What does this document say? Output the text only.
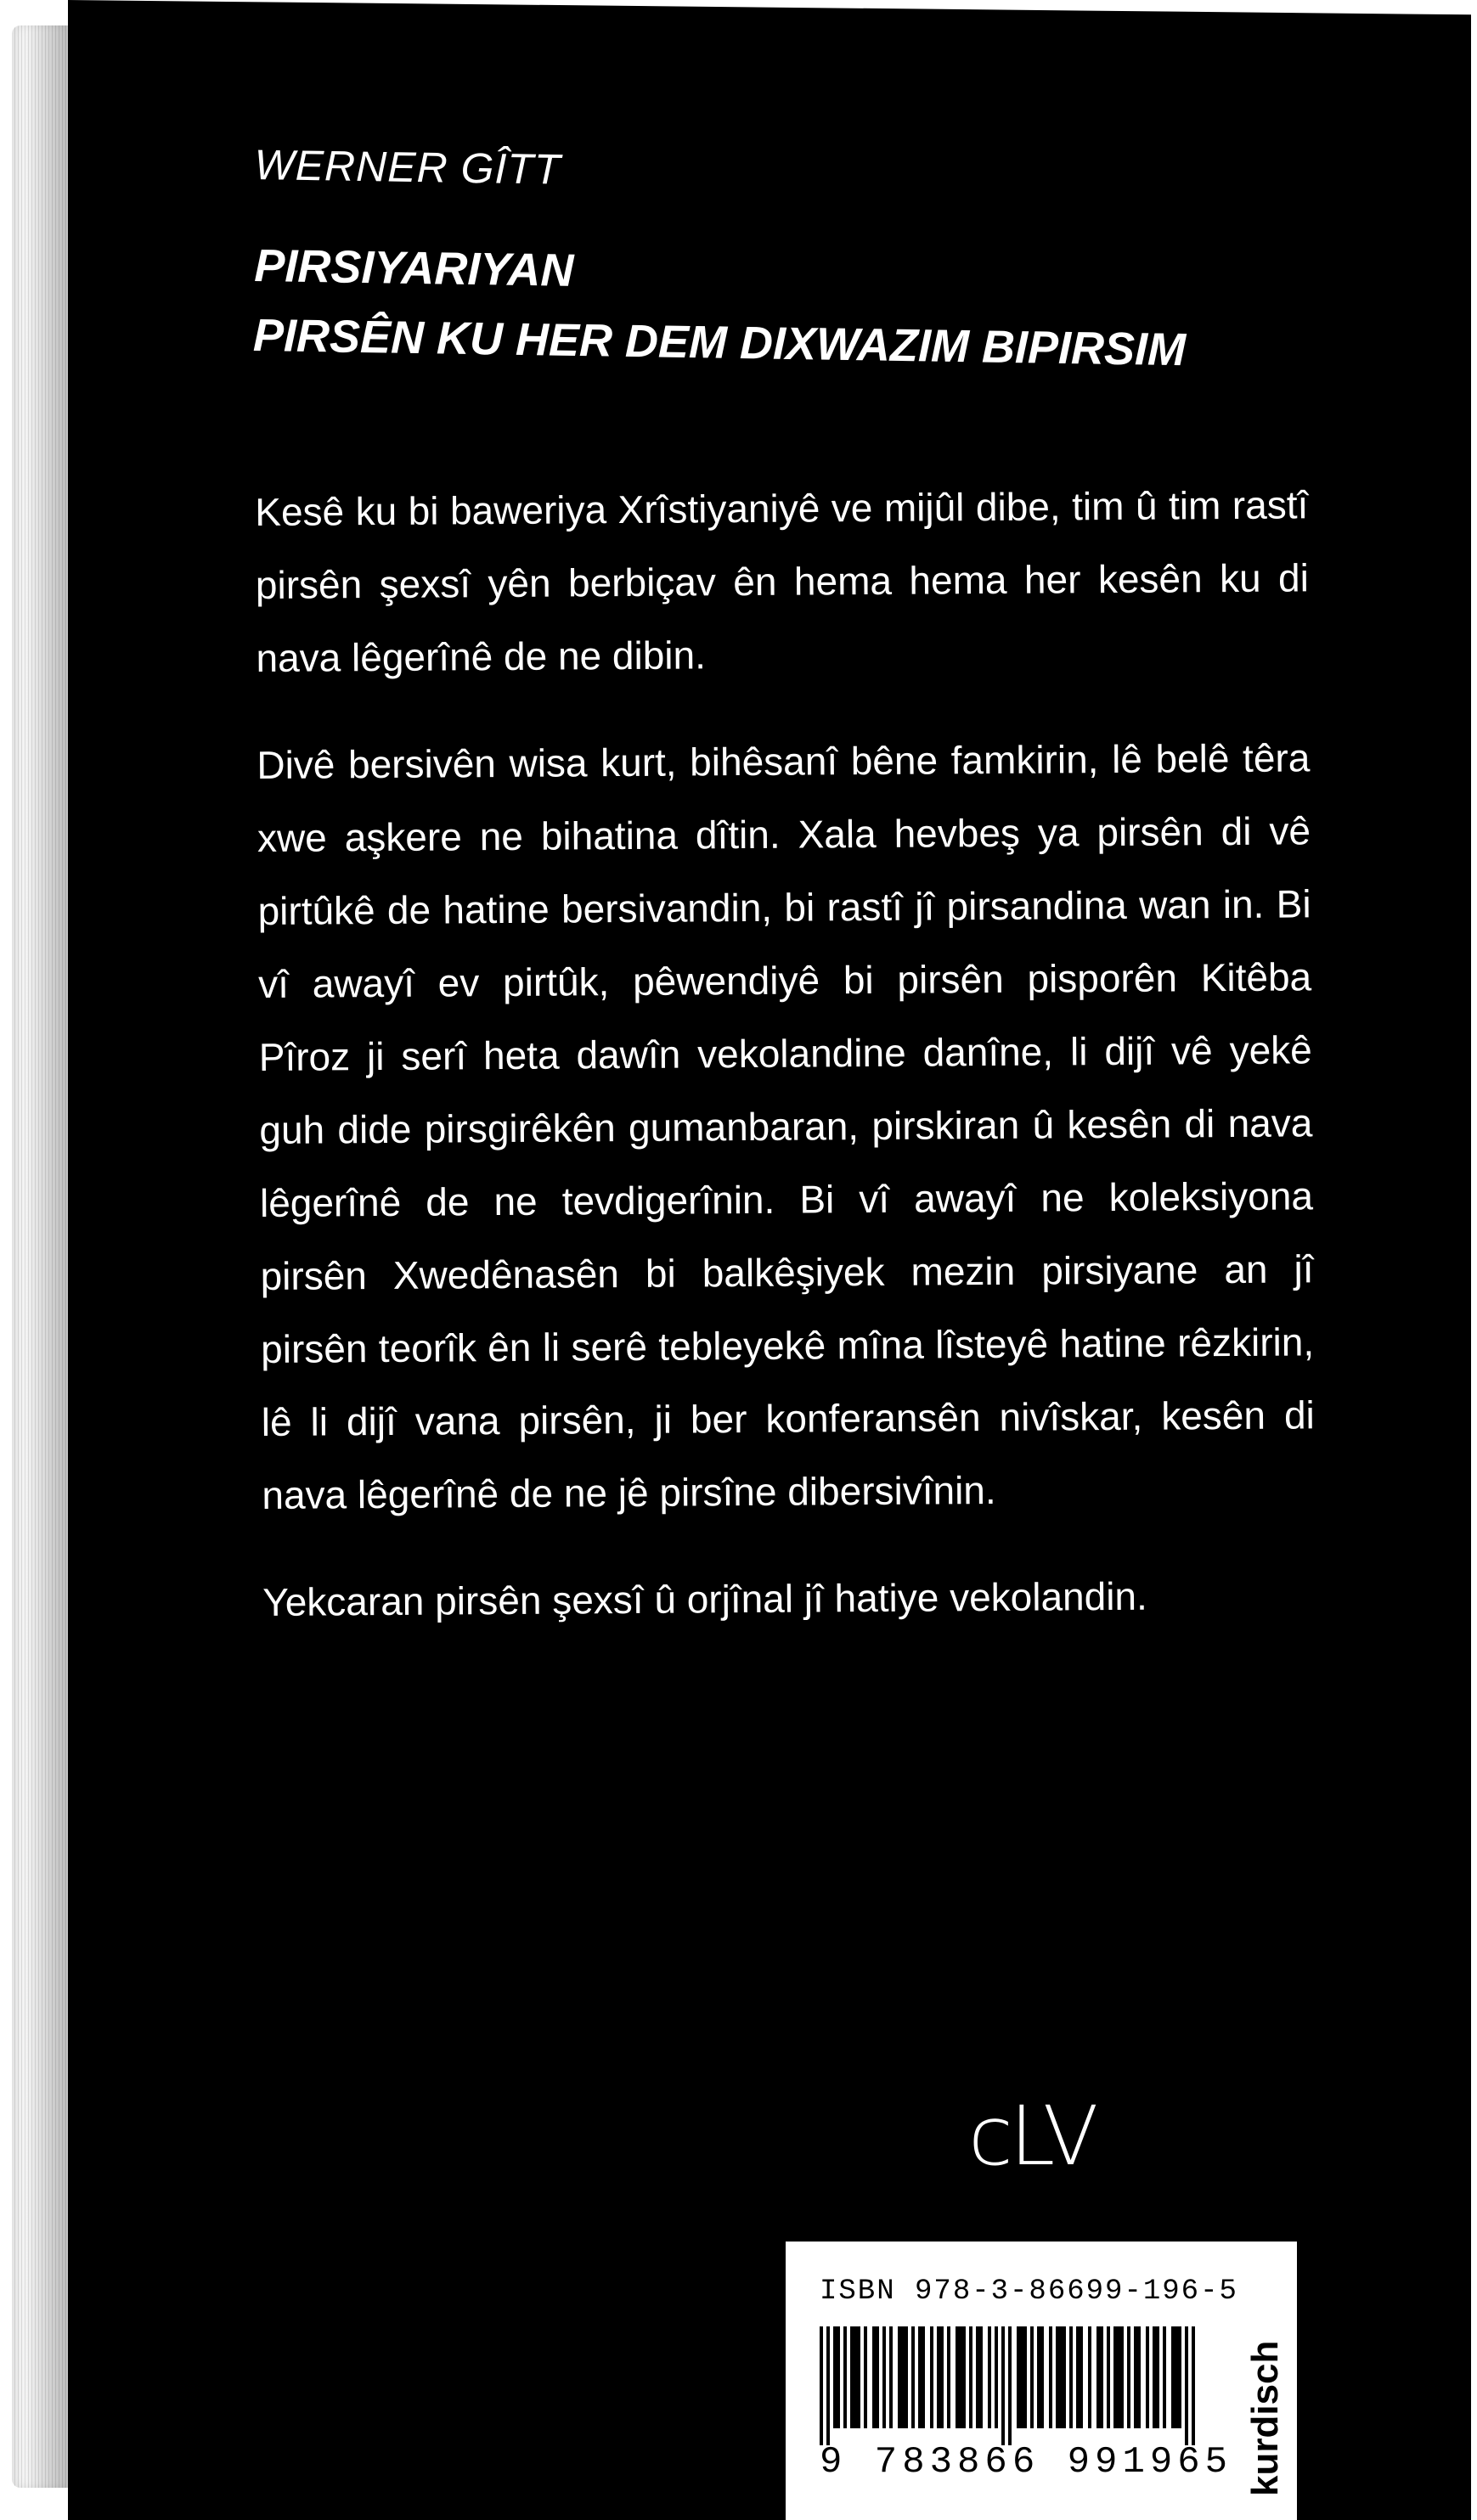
WERNER GÎTT
PIRSIYARIYAN
PIRSÊN KU HER DEM DIXWAZIM BIPIRSIM

Kesê ku bi baweriya Xrîstiyaniyê ve mijûl dibe, tim û tim rastî pirsên şexsî yên berbiçav ên hema hema her kesên ku di nava lêgerînê de ne dibin.

Divê bersivên wisa kurt, bihêsanî bêne famkirin, lê belê têra xwe aşkere ne bihatina dîtin. Xala hevbeş ya pirsên di vê pirtûkê de hatine bersivandin, bi rastî jî pirsandina wan in. Bi vî awayî ev pirtûk, pêwendiyê bi pirsên pisporên Kitêba Pîroz ji serî heta dawîn vekolandine danîne, li dijî vê yekê guh dide pirsgirêkên gumanbaran, pirskiran û kesên di nava lêgerînê de ne tevdigerînin. Bi vî awayî ne koleksiyona pirsên Xwedênasên bi balkêşiyek mezin pirsiyane an jî pirsên teorîk ên li serê tebleyekê mîna lîsteyê hatine rêzkirin, lê li dijî vana pirsên, ji ber konferansên nivîskar, kesên di nava lêgerînê de ne jê pirsîne dibersivînin.

Yekcaran pirsên şexsî û orjînal jî hatiye vekolandin.

cLV
ISBN 978-3-86699-196-5
9 783866 991965 kurdisch
